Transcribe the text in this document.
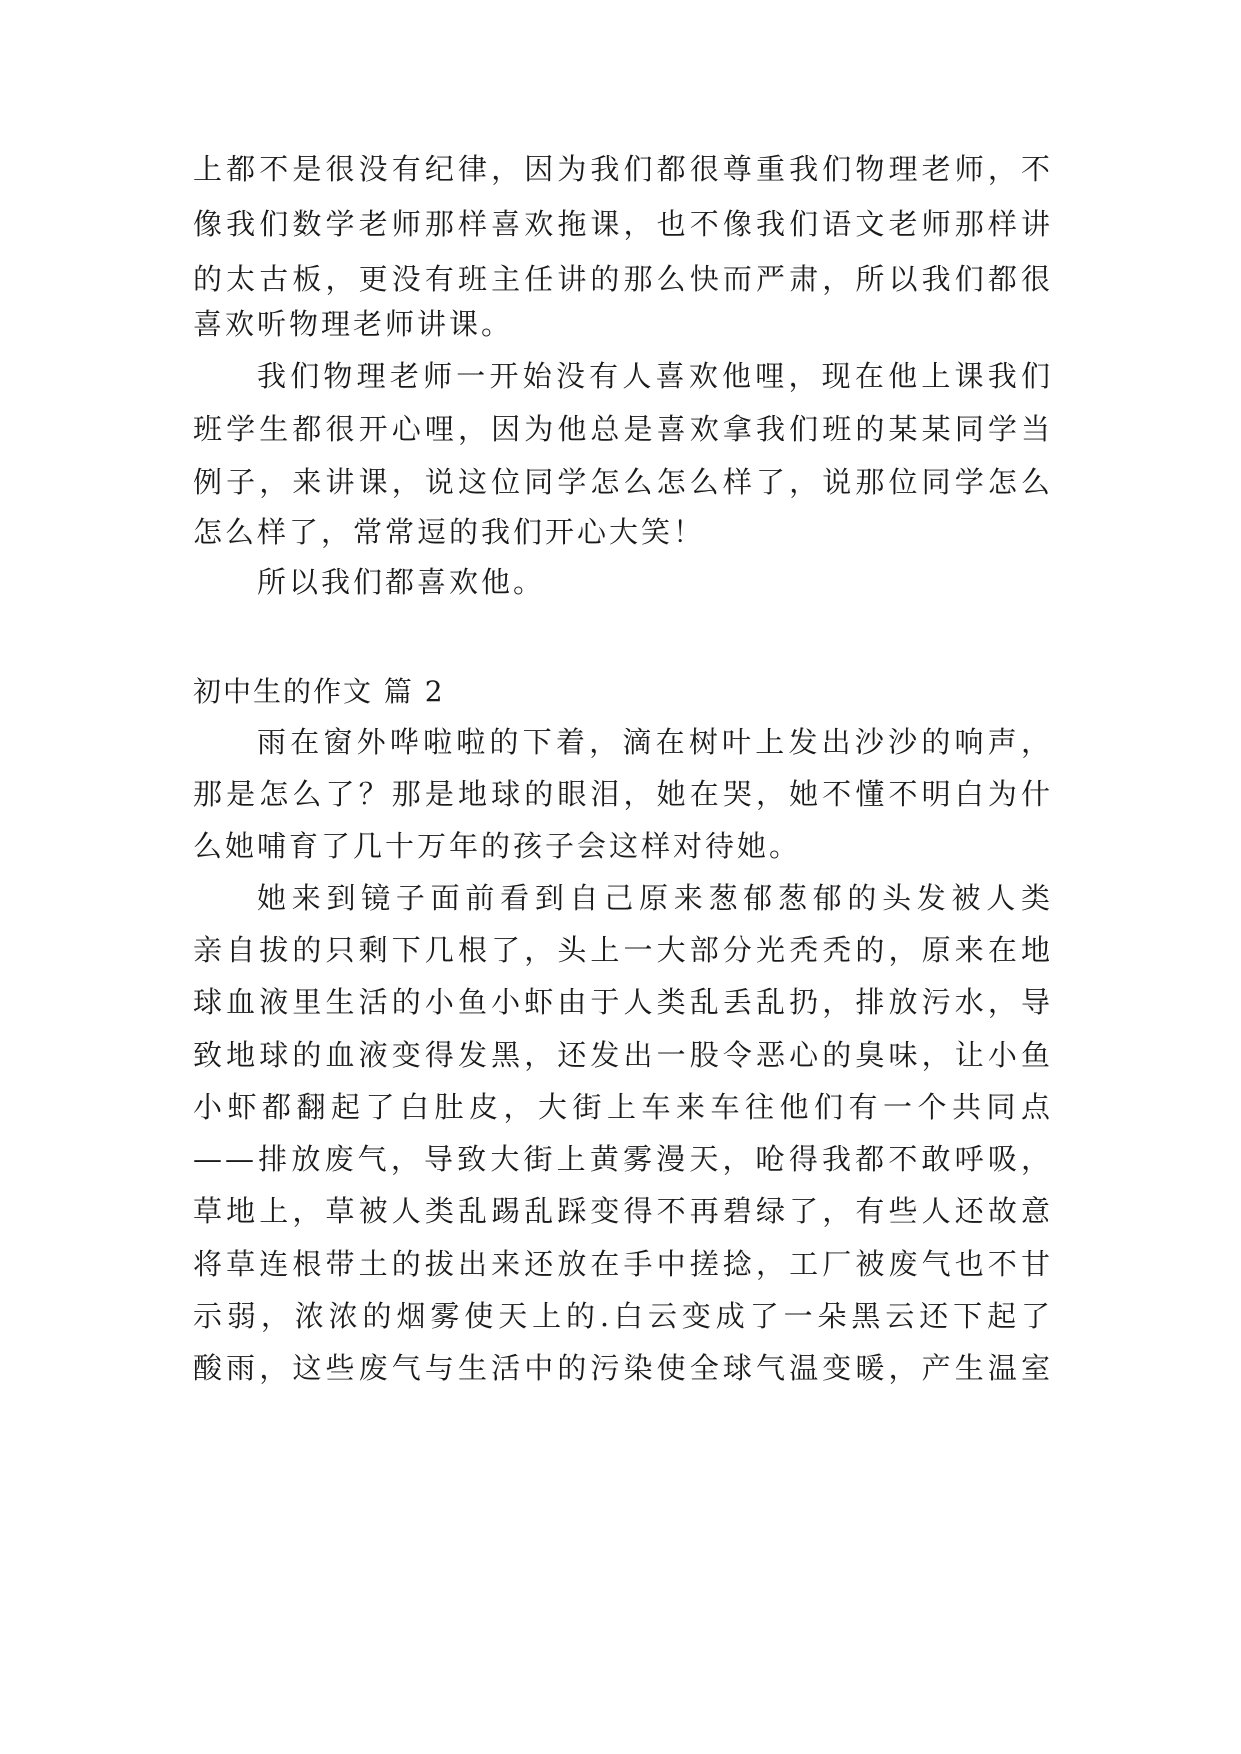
上都不是很没有纪律，因为我们都很尊重我们物理老师，不
像我们数学老师那样喜欢拖课，也不像我们语文老师那样讲
的太古板，更没有班主任讲的那么快而严肃，所以我们都很
喜欢听物理老师讲课。
我们物理老师一开始没有人喜欢他哩，现在他上课我们
班学生都很开心哩，因为他总是喜欢拿我们班的某某同学当
例子，来讲课，说这位同学怎么怎么样了，说那位同学怎么
怎么样了，常常逗的我们开心大笑！
所以我们都喜欢他。
初中生的作文 篇 2
雨在窗外哗啦啦的下着，滴在树叶上发出沙沙的响声，
那是怎么了？那是地球的眼泪，她在哭，她不懂不明白为什
么她哺育了几十万年的孩子会这样对待她。
她来到镜子面前看到自己原来葱郁葱郁的头发被人类
亲自拔的只剩下几根了，头上一大部分光秃秃的，原来在地
球血液里生活的小鱼小虾由于人类乱丢乱扔，排放污水，导
致地球的血液变得发黑，还发出一股令恶心的臭味，让小鱼
小虾都翻起了白肚皮，大街上车来车往他们有一个共同点
——排放废气，导致大街上黄雾漫天，呛得我都不敢呼吸，
草地上，草被人类乱踢乱踩变得不再碧绿了，有些人还故意
将草连根带土的拔出来还放在手中搓捻，工厂被废气也不甘
示弱，浓浓的烟雾使天上的.白云变成了一朵黑云还下起了
酸雨，这些废气与生活中的污染使全球气温变暖，产生温室
